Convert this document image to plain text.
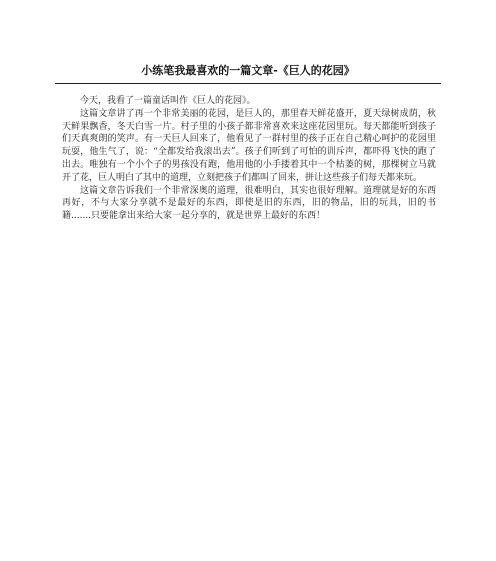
小练笔我最喜欢的一篇文章-《巨人的花园》

今天，我看了一篇童话叫作《巨人的花园》。

这篇文章讲了再一个非常美丽的花园，是巨人的，那里春天鲜花盛开，夏天绿树成荫，秋天鲜果飘香，冬天白雪一片。村子里的小孩子都非常喜欢来这座花园里玩。每天都能听到孩子们天真爽朗的笑声。有一天巨人回来了，他看见了一群村里的孩子正在自己精心呵护的花园里玩耍，他生气了，说：“全都发给我滚出去”。孩子们听到了可怕的训斥声，都吓得飞快的跑了出去。唯独有一个小个子的男孩没有跑，他用他的小手搂着其中一个枯萎的树，那棵树立马就开了花，巨人明白了其中的道理，立刻把孩子们都叫了回来，拼让这些孩子们每天都来玩。

这篇文章告诉我们一个非常深奥的道理，很难明白，其实也很好理解。道理就是好的东西再好，不与大家分享就不是最好的东西，即使是旧的东西，旧的物品，旧的玩具，旧的书籍.......只要能拿出来给大家一起分享的，就是世界上最好的东西！
